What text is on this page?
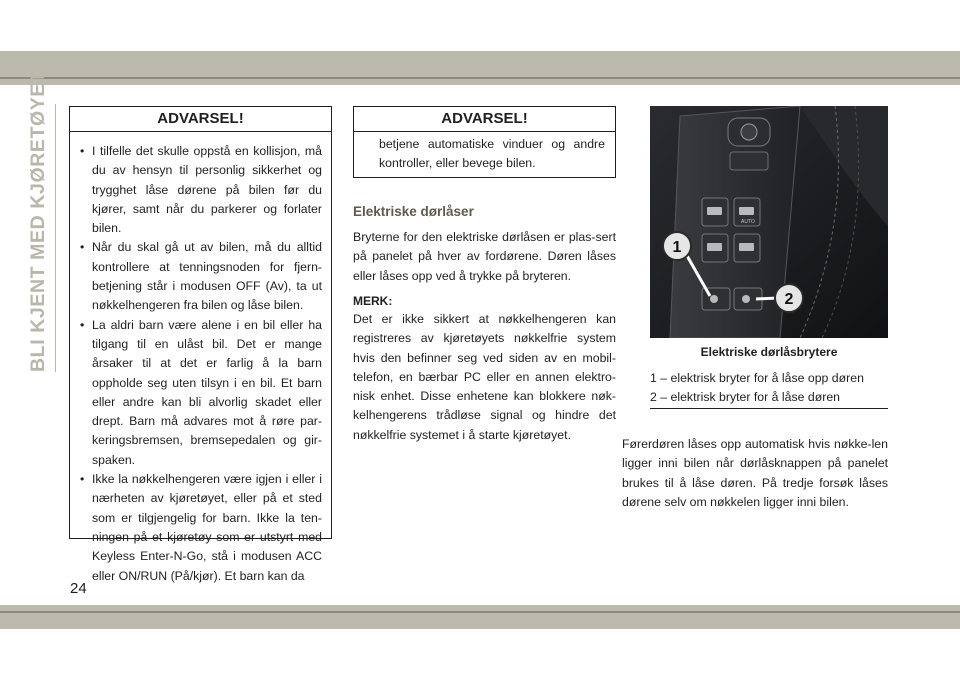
BLI KJENT MED KJØRETØYET	ADVARSEL!
• I tilfelle det skulle oppstå en kollisjon, må du av hensyn til personlig sikkerhet og trygghet låse dørene på bilen før du kjører, samt når du parkerer og forlater bilen.
• Når du skal gå ut av bilen, må du alltid kontrollere at tenningsnoden for fjern-betjening står i modusen OFF (Av), ta ut nøkkelhengeren fra bilen og låse bilen.
• La aldri barn være alene i en bil eller ha tilgang til en ulåst bil. Det er mange årsaker til at det er farlig å la barn oppholde seg uten tilsyn i en bil. Et barn eller andre kan bli alvorlig skadet eller drept. Barn må advares mot å røre par-keringsbremsen, bremsepedalen og gir-spaken.
• Ikke la nøkkelhengeren være igjen i eller i nærheten av kjøretøyet, eller på et sted som er tilgjengelig for barn. Ikke la ten-ningen på et kjøretøy som er utstyrt med Keyless Enter-N-Go, stå i modusen ACC eller ON/RUN (På/kjør). Et barn kan da
ADVARSEL!
betjene automatiske vinduer og andre kontroller, eller bevege bilen.
Elektriske dørlåser
Bryterne for den elektriske dørlåsen er plas-sert på panelet på hver av fordørene. Døren låses eller låses opp ved å trykke på bryteren.
MERK:
Det er ikke sikkert at nøkkelhengeren kan registreres av kjøretøyets nøkkelfrie system hvis den befinner seg ved siden av en mobil-telefon, en bærbar PC eller en annen elektro-nisk enhet. Disse enhetene kan blokkere nøk-kelhengerens trådløse signal og hindre det nøkkelfrie systemet i å starte kjøretøyet.
AUTO
1
2
Elektriske dørlåsbrytere
1 – elektrisk bryter for å låse opp døren
2 – elektrisk bryter for å låse døren
Førerdøren låses opp automatisk hvis nøkke-len ligger inni bilen når dørlåsknappen på panelet brukes til å låse døren. På tredje forsøk låses dørene selv om nøkkelen ligger inni bilen.
24
